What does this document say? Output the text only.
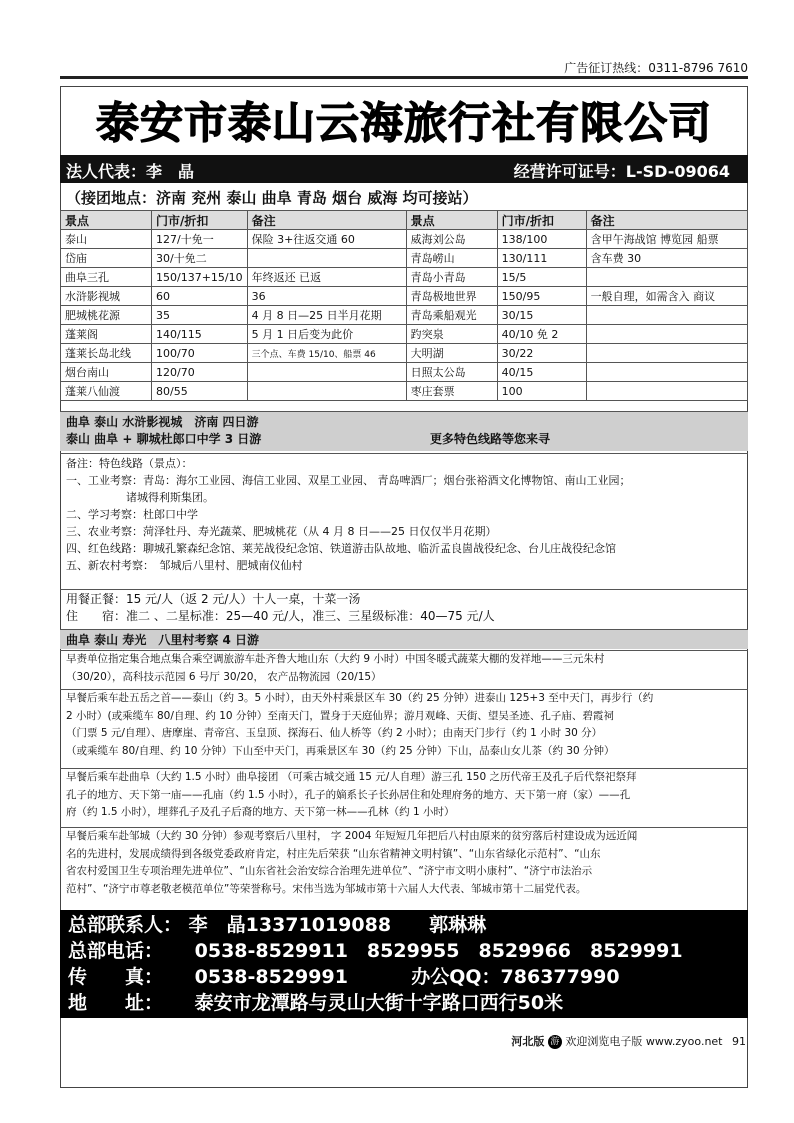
广告征订热线：0311-8796 7610
泰安市泰山云海旅行社有限公司
法人代表：李　晶	经营许可证号：L-SD-09064
（接团地点：济南 兖州 泰山 曲阜 青岛 烟台 威海 均可接站）
景点	门市/折扣	备注	景点	门市/折扣	备注
泰山	127/十免一	保险 3+往返交通 60	威海刘公岛	138/100	含甲午海战馆 博览园 船票
岱庙	30/十免二		青岛崂山	130/111	含车费 30
曲阜三孔	150/137+15/10	年终返还 已返	青岛小青岛	15/5	
水浒影视城	60	36	青岛极地世界	150/95	一般自理，如需含入 商议
肥城桃花源	35	4 月 8 日—25 日半月花期	青岛乘船观光	30/15	
蓬莱阁	140/115	5 月 1 日后变为此价	趵突泉	40/10 免 2	
蓬莱长岛北线	100/70	三个点、车费 15/10、船票 46	大明湖	30/22	
烟台南山	120/70		日照太公岛	40/15	
蓬莱八仙渡	80/55		枣庄套票	100	
曲阜 泰山 水浒影视城　济南 四日游
泰山 曲阜 + 聊城杜郎口中学 3 日游	更多特色线路等您来寻
备注：特色线路（景点）：
一、工业考察：青岛：海尔工业园、海信工业园、双星工业园、 青岛啤酒厂；烟台张裕酒文化博物馆、南山工业园；
诸城得利斯集团。
二、学习考察：杜郎口中学
三、农业考察：菏泽牡丹、寿光蔬菜、肥城桃花（从 4 月 8 日——25 日仅仅半月花期）
四、红色线路：聊城孔繁森纪念馆、莱芜战役纪念馆、铁道游击队故地、临沂孟良崮战役纪念、台儿庄战役纪念馆
五、新农村考察：　邹城后八里村、肥城南仪仙村
用餐正餐：15 元/人（返 2 元/人）十人一桌，十菜一汤
住　　宿：准二 、二星标准：25—40 元/人，准三、三星级标准：40—75 元/人
曲阜 泰山 寿光　八里村考察 4 日游
早赉单位指定集合地点集合乘空调旅游车赴齐鲁大地山东（大约 9 小时）中国冬暖式蔬菜大棚的发祥地——三元朱村
（30/20），高科技示范园 6 号厅 30/20， 农产品物流园（20/15）
早餐后乘车赴五岳之首——泰山（约 3。5 小时），由天外村乘景区车 30（约 25 分钟）进泰山 125+3 至中天门，再步行（约
2 小时）(或乘缆车 80/自理、约 10 分钟）至南天门，置身于天庭仙界；游月观峰、天街、望吴圣迹、孔子庙、碧霞祠
（门票 5 元/自理）、唐摩崖、青帝宫、玉皇顶、探海石、仙人桥等（约 2 小时）；由南天门步行（约 1 小时 30 分）
（或乘缆车 80/自理、约 10 分钟）下山至中天门，再乘景区车 30（约 25 分钟）下山，品泰山女儿茶（约 30 分钟）
早餐后乘车赴曲阜（大约 1.5 小时）曲阜接团 （可乘古城交通 15 元/人自理）游三孔 150 之历代帝王及孔子后代祭祀祭拜
孔子的地方、天下第一庙——孔庙（约 1.5 小时），孔子的嫡系长子长孙居住和处理府务的地方、天下第一府（家）——孔
府（约 1.5 小时），埋葬孔子及孔子后裔的地方、天下第一林——孔林（约 1 小时）
早餐后乘车赴邹城（大约 30 分钟）参观考察后八里村， 字 2004 年短短几年把后八村由原来的贫穷落后村建设成为远近闻
名的先进村，发展成绩得到各级党委政府肯定，村庄先后荣获 “山东省精神文明村镇”、“山东省绿化示范村”、“山东
省农村爱国卫生专项治理先进单位”、“山东省社会治安综合治理先进单位”、“济宁市文明小康村”、“济宁市法治示
范村”、“济宁市尊老敬老模范单位”等荣誉称号。宋伟当选为邹城市第十六届人大代表、邹城市第十二届党代表。
总部联系人： 李　晶13371019088　　郭琳琳
总部电话： 0538-8529911　8529955　8529966　8529991
传　　真： 0538-8529991	办公QQ：786377990
地　　址： 泰安市龙潭路与灵山大街十字路口西行50米
河北版 游 欢迎浏览电子版 www.zyoo.net 91
